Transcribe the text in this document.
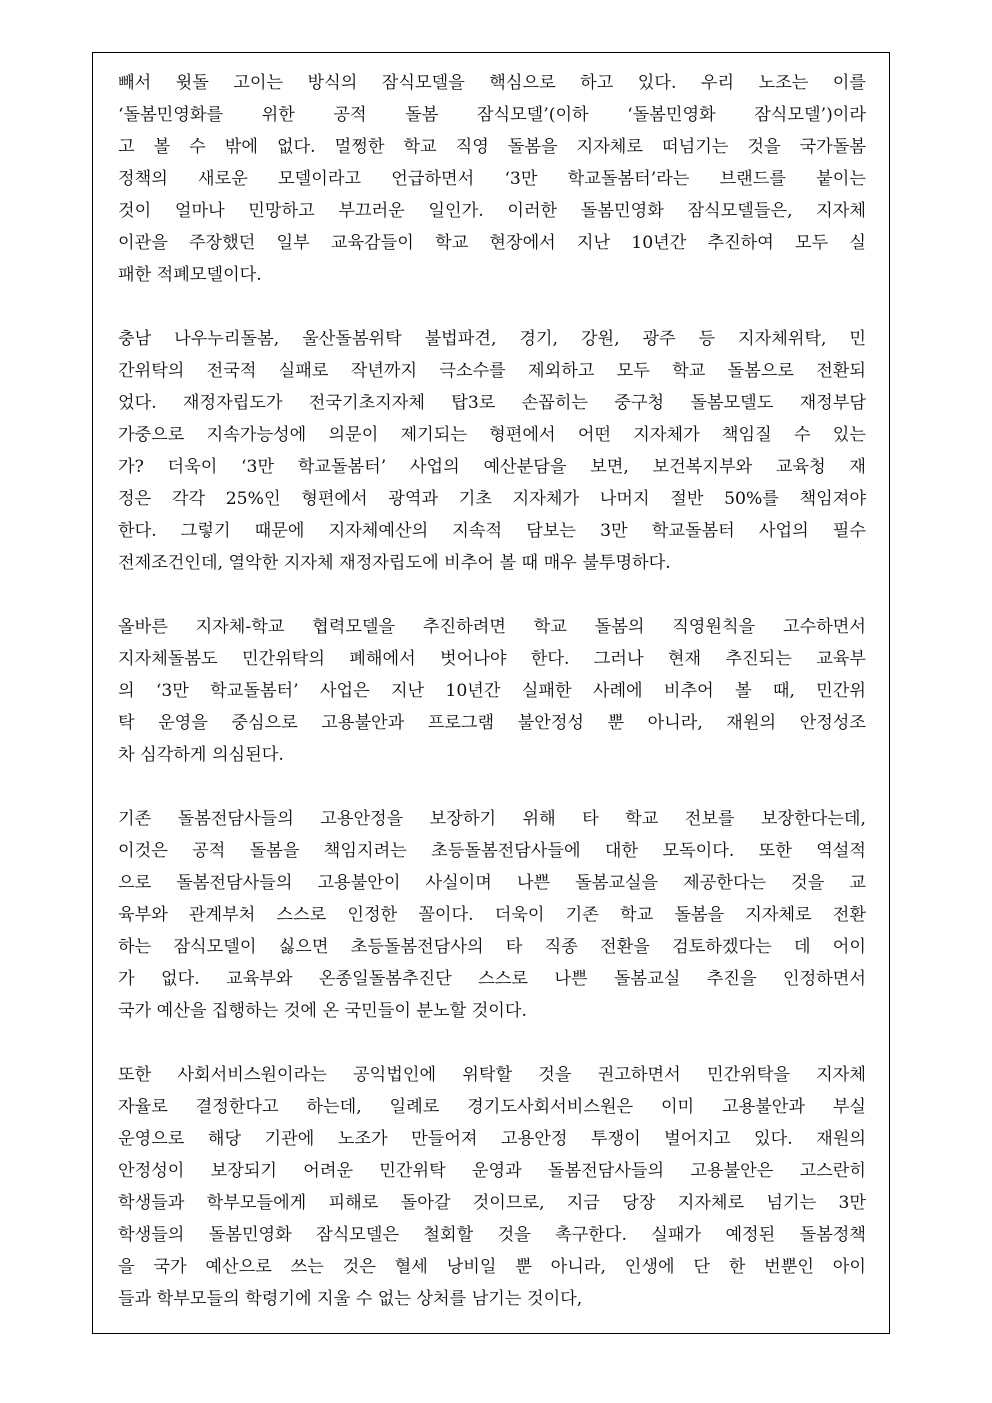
빼서 윗돌 고이는 방식의 잠식모델을 핵심으로 하고 있다. 우리 노조는 이를
‘돌봄민영화를 위한 공적 돌봄 잠식모델’(이하 ‘돌봄민영화 잠식모델’)이라
고 볼 수 밖에 없다. 멀쩡한 학교 직영 돌봄을 지자체로 떠넘기는 것을 국가돌봄
정책의 새로운 모델이라고 언급하면서 ‘3만 학교돌봄터’라는 브랜드를 붙이는
것이 얼마나 민망하고 부끄러운 일인가. 이러한 돌봄민영화 잠식모델들은, 지자체
이관을 주장했던 일부 교육감들이 학교 현장에서 지난 10년간 추진하여 모두 실
패한 적폐모델이다.
충남 나우누리돌봄, 울산돌봄위탁 불법파견, 경기, 강원, 광주 등 지자체위탁, 민
간위탁의 전국적 실패로 작년까지 극소수를 제외하고 모두 학교 돌봄으로 전환되
었다. 재정자립도가 전국기초지자체 탑3로 손꼽히는 중구청 돌봄모델도 재정부담
가중으로 지속가능성에 의문이 제기되는 형편에서 어떤 지자체가 책임질 수 있는
가? 더욱이 ‘3만 학교돌봄터’ 사업의 예산분담을 보면, 보건복지부와 교육청 재
정은 각각 25%인 형편에서 광역과 기초 지자체가 나머지 절반 50%를 책임져야
한다. 그렇기 때문에 지자체예산의 지속적 담보는 3만 학교돌봄터 사업의 필수
전제조건인데, 열악한 지자체 재정자립도에 비추어 볼 때 매우 불투명하다.
올바른 지자체-학교 협력모델을 추진하려면 학교 돌봄의 직영원칙을 고수하면서
지자체돌봄도 민간위탁의 폐해에서 벗어나야 한다. 그러나 현재 추진되는 교육부
의 ‘3만 학교돌봄터’ 사업은 지난 10년간 실패한 사례에 비추어 볼 때, 민간위
탁 운영을 중심으로 고용불안과 프로그램 불안정성 뿐 아니라, 재원의 안정성조
차 심각하게 의심된다.
기존 돌봄전담사들의 고용안정을 보장하기 위해 타 학교 전보를 보장한다는데,
이것은 공적 돌봄을 책임지려는 초등돌봄전담사들에 대한 모독이다. 또한 역설적
으로 돌봄전담사들의 고용불안이 사실이며 나쁜 돌봄교실을 제공한다는 것을 교
육부와 관계부처 스스로 인정한 꼴이다. 더욱이 기존 학교 돌봄을 지자체로 전환
하는 잠식모델이 싫으면 초등돌봄전담사의 타 직종 전환을 검토하겠다는 데 어이
가 없다. 교육부와 온종일돌봄추진단 스스로 나쁜 돌봄교실 추진을 인정하면서
국가 예산을 집행하는 것에 온 국민들이 분노할 것이다.
또한 사회서비스원이라는 공익법인에 위탁할 것을 권고하면서 민간위탁을 지자체
자율로 결정한다고 하는데, 일례로 경기도사회서비스원은 이미 고용불안과 부실
운영으로 해당 기관에 노조가 만들어져 고용안정 투쟁이 벌어지고 있다. 재원의
안정성이 보장되기 어려운 민간위탁 운영과 돌봄전담사들의 고용불안은 고스란히
학생들과 학부모들에게 피해로 돌아갈 것이므로, 지금 당장 지자체로 넘기는 3만
학생들의 돌봄민영화 잠식모델은 철회할 것을 촉구한다. 실패가 예정된 돌봄정책
을 국가 예산으로 쓰는 것은 혈세 낭비일 뿐 아니라, 인생에 단 한 번뿐인 아이
들과 학부모들의 학령기에 지울 수 없는 상처를 남기는 것이다,
